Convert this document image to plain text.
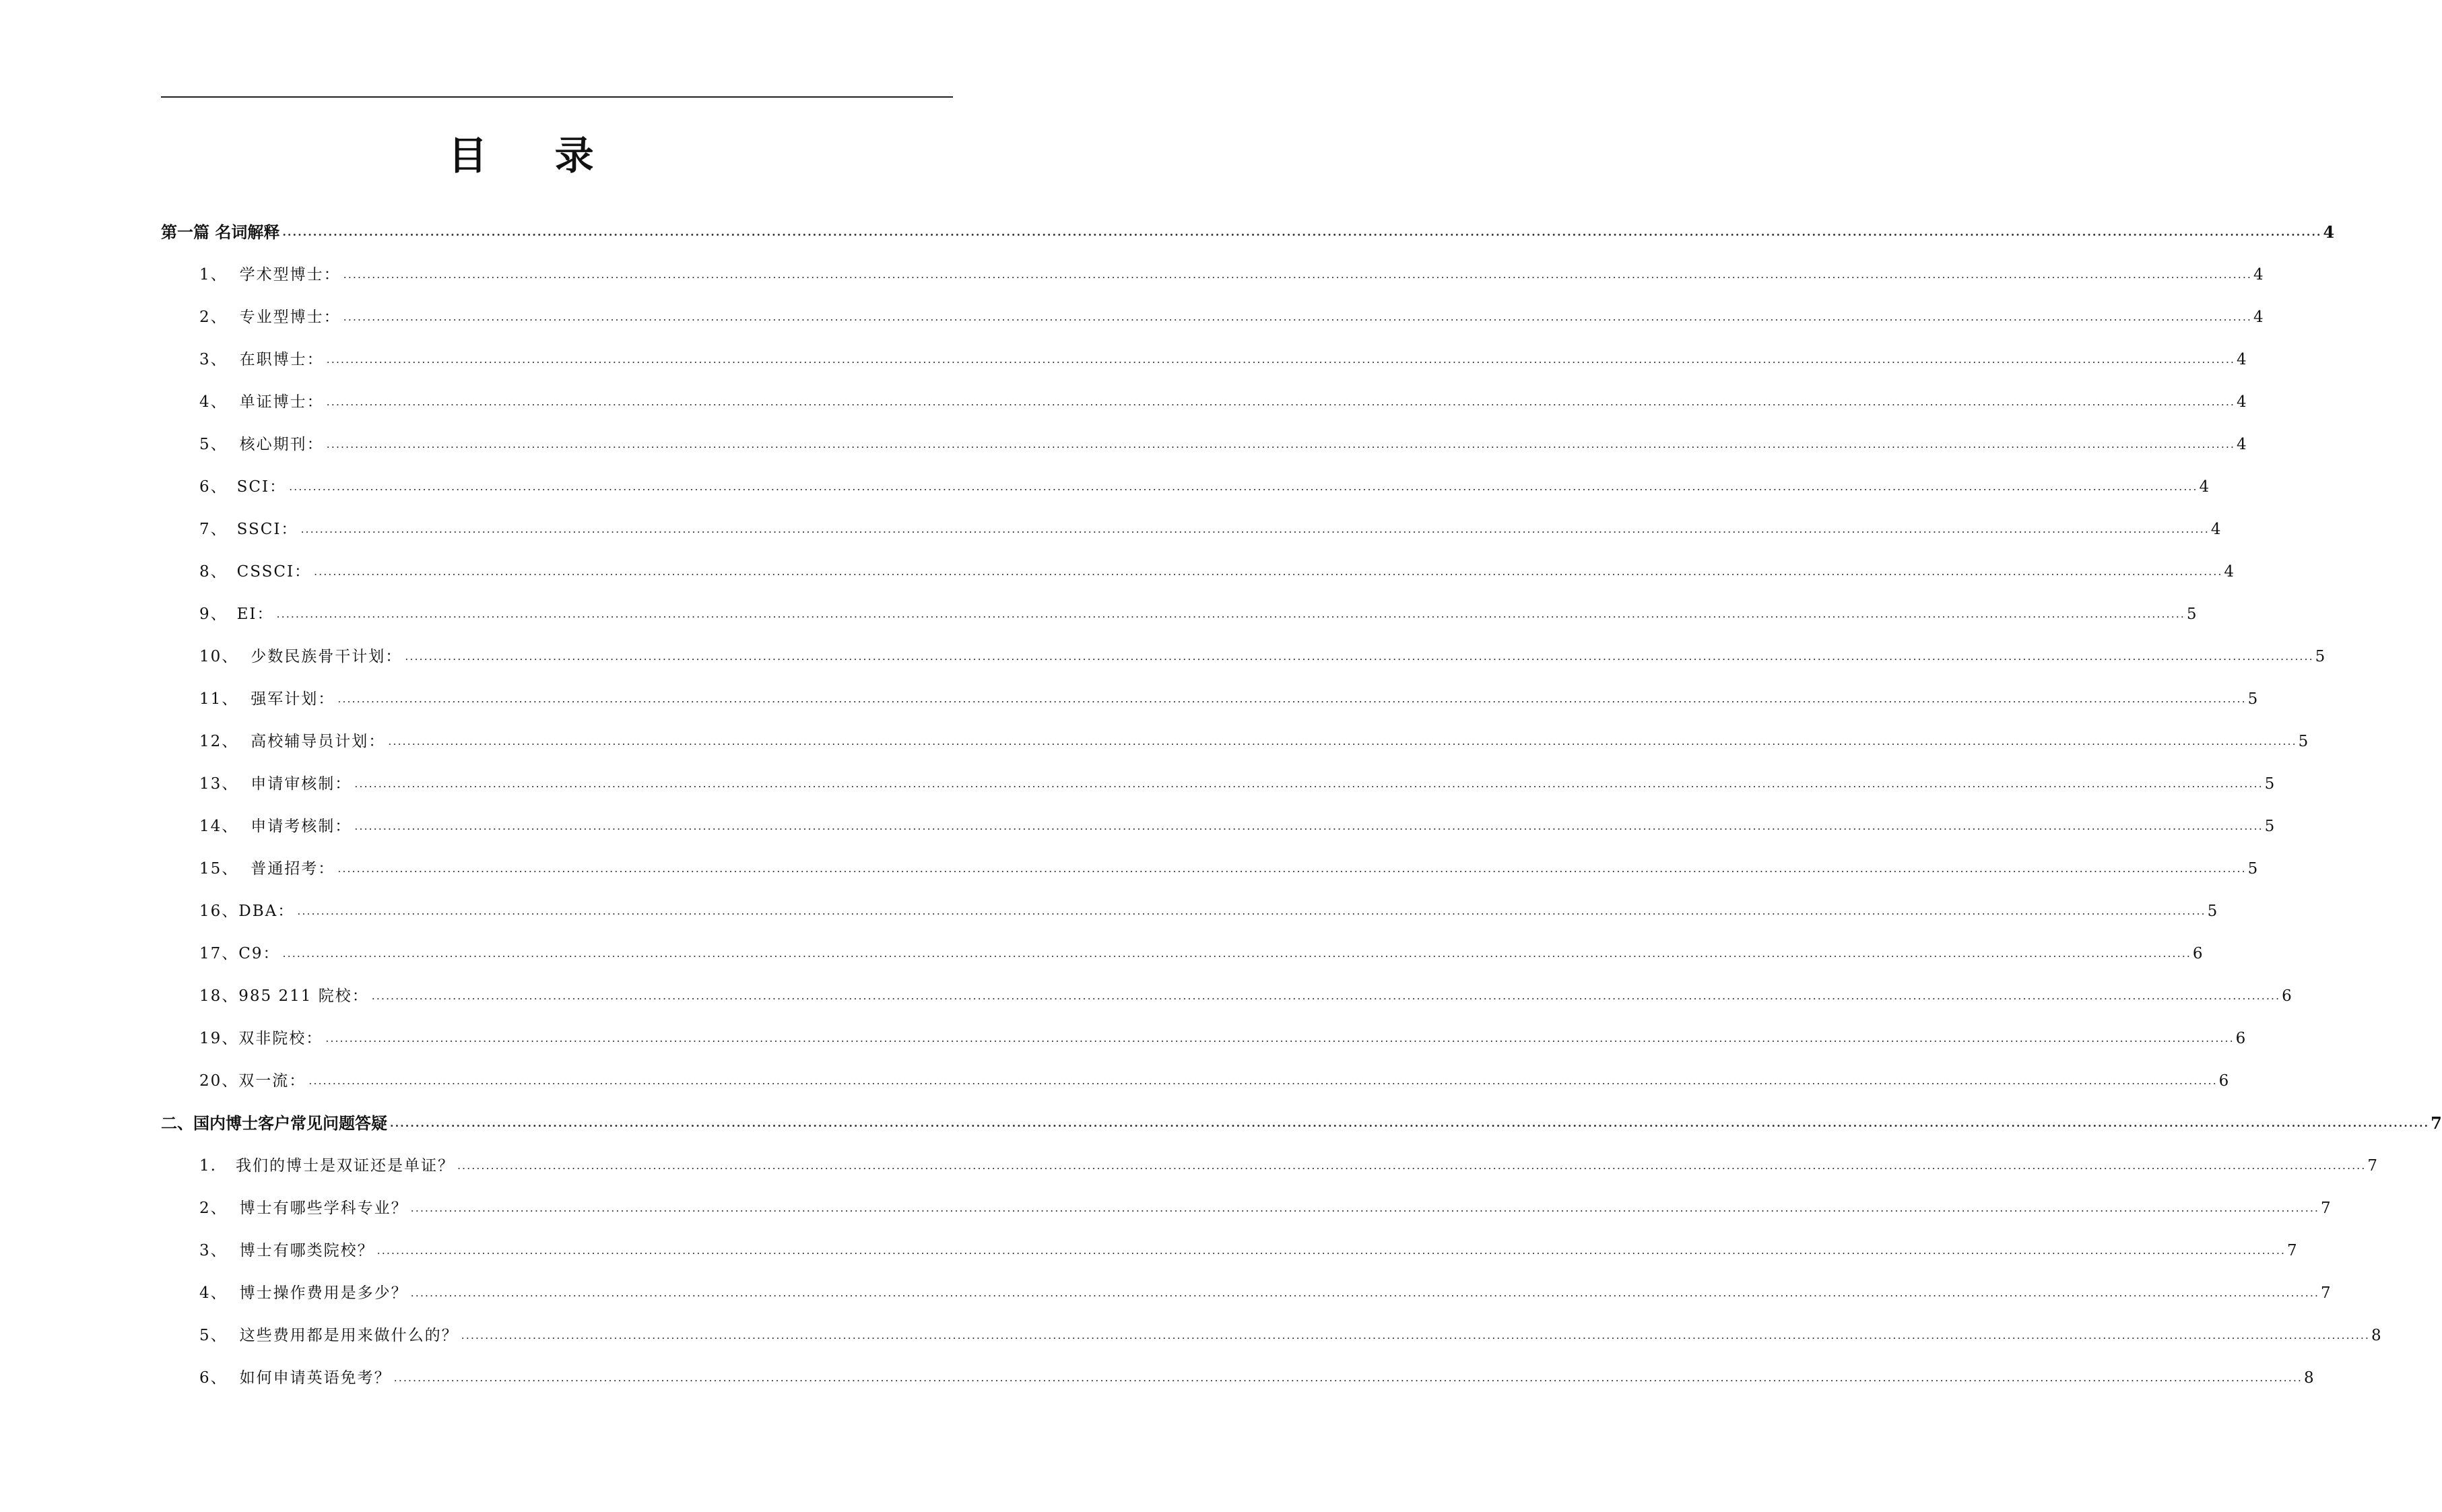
目 录
第一篇 名词解释 ................................................................................................................................................................................................................................................................................................................................................................................................................ 4
1、 学术型博士： ................................................................................................................................................................................................................................................................................................................................................................................................................ 4
2、 专业型博士： ................................................................................................................................................................................................................................................................................................................................................................................................................ 4
3、 在职博士： ................................................................................................................................................................................................................................................................................................................................................................................................................ 4
4、 单证博士： ................................................................................................................................................................................................................................................................................................................................................................................................................ 4
5、 核心期刊： ................................................................................................................................................................................................................................................................................................................................................................................................................ 4
6、 SCI： ................................................................................................................................................................................................................................................................................................................................................................................................................ 4
7、 SSCI： ................................................................................................................................................................................................................................................................................................................................................................................................................ 4
8、 CSSCI： ................................................................................................................................................................................................................................................................................................................................................................................................................ 4
9、 EI： ................................................................................................................................................................................................................................................................................................................................................................................................................ 5
10、 少数民族骨干计划： ................................................................................................................................................................................................................................................................................................................................................................................................................ 5
11、 强军计划： ................................................................................................................................................................................................................................................................................................................................................................................................................ 5
12、 高校辅导员计划： ................................................................................................................................................................................................................................................................................................................................................................................................................ 5
13、 申请审核制： ................................................................................................................................................................................................................................................................................................................................................................................................................ 5
14、 申请考核制： ................................................................................................................................................................................................................................................................................................................................................................................................................ 5
15、 普通招考： ................................................................................................................................................................................................................................................................................................................................................................................................................ 5
16、 DBA： ................................................................................................................................................................................................................................................................................................................................................................................................................ 5
17、 C9： ................................................................................................................................................................................................................................................................................................................................................................................................................ 6
18、 985 211 院校： ................................................................................................................................................................................................................................................................................................................................................................................................................ 6
19、 双非院校： ................................................................................................................................................................................................................................................................................................................................................................................................................ 6
20、 双一流： ................................................................................................................................................................................................................................................................................................................................................................................................................ 6
二、国内博士客户常见问题答疑 ................................................................................................................................................................................................................................................................................................................................................................................................................ 7
1. 我们的博士是双证还是单证？ ................................................................................................................................................................................................................................................................................................................................................................................................................ 7
2、 博士有哪些学科专业？ ................................................................................................................................................................................................................................................................................................................................................................................................................ 7
3、 博士有哪类院校？ ................................................................................................................................................................................................................................................................................................................................................................................................................ 7
4、 博士操作费用是多少？ ................................................................................................................................................................................................................................................................................................................................................................................................................ 7
5、 这些费用都是用来做什么的？ ................................................................................................................................................................................................................................................................................................................................................................................................................ 8
6、 如何申请英语免考？ ................................................................................................................................................................................................................................................................................................................................................................................................................ 8
